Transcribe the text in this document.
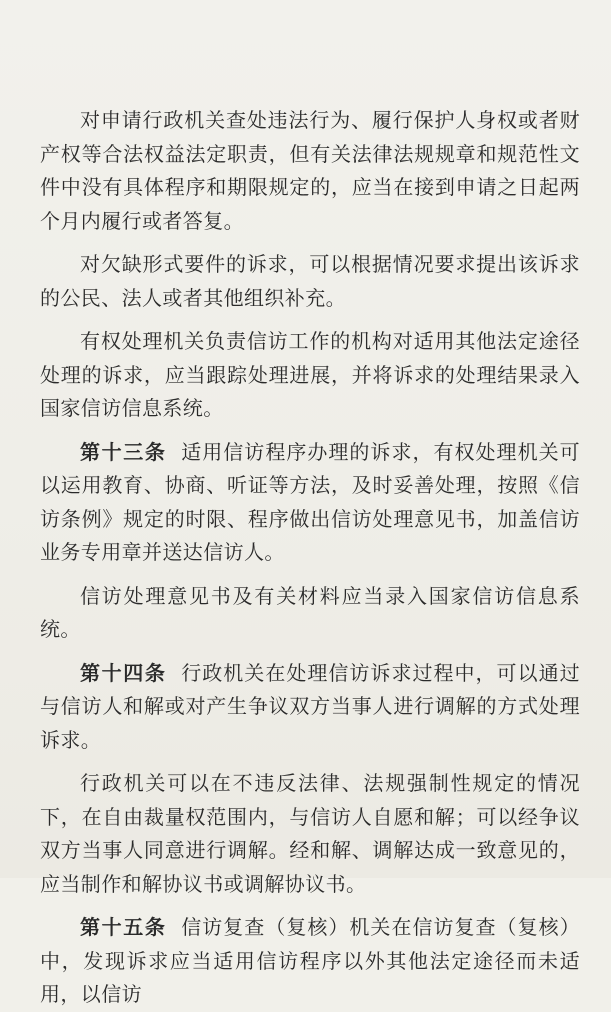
对申请行政机关查处违法行为、履行保护人身权或者财产权等合法权益法定职责，但有关法律法规规章和规范性文件中没有具体程序和期限规定的，应当在接到申请之日起两个月内履行或者答复。

对欠缺形式要件的诉求，可以根据情况要求提出该诉求的公民、法人或者其他组织补充。

有权处理机关负责信访工作的机构对适用其他法定途径处理的诉求，应当跟踪处理进展，并将诉求的处理结果录入国家信访信息系统。

第十三条 适用信访程序办理的诉求，有权处理机关可以运用教育、协商、听证等方法，及时妥善处理，按照《信访条例》规定的时限、程序做出信访处理意见书，加盖信访业务专用章并送达信访人。

信访处理意见书及有关材料应当录入国家信访信息系统。

第十四条 行政机关在处理信访诉求过程中，可以通过与信访人和解或对产生争议双方当事人进行调解的方式处理诉求。

行政机关可以在不违反法律、法规强制性规定的情况下，在自由裁量权范围内，与信访人自愿和解；可以经争议双方当事人同意进行调解。经和解、调解达成一致意见的，应当制作和解协议书或调解协议书。

第十五条 信访复查（复核）机关在信访复查（复核）中，发现诉求应当适用信访程序以外其他法定途径而未适用，以信访
